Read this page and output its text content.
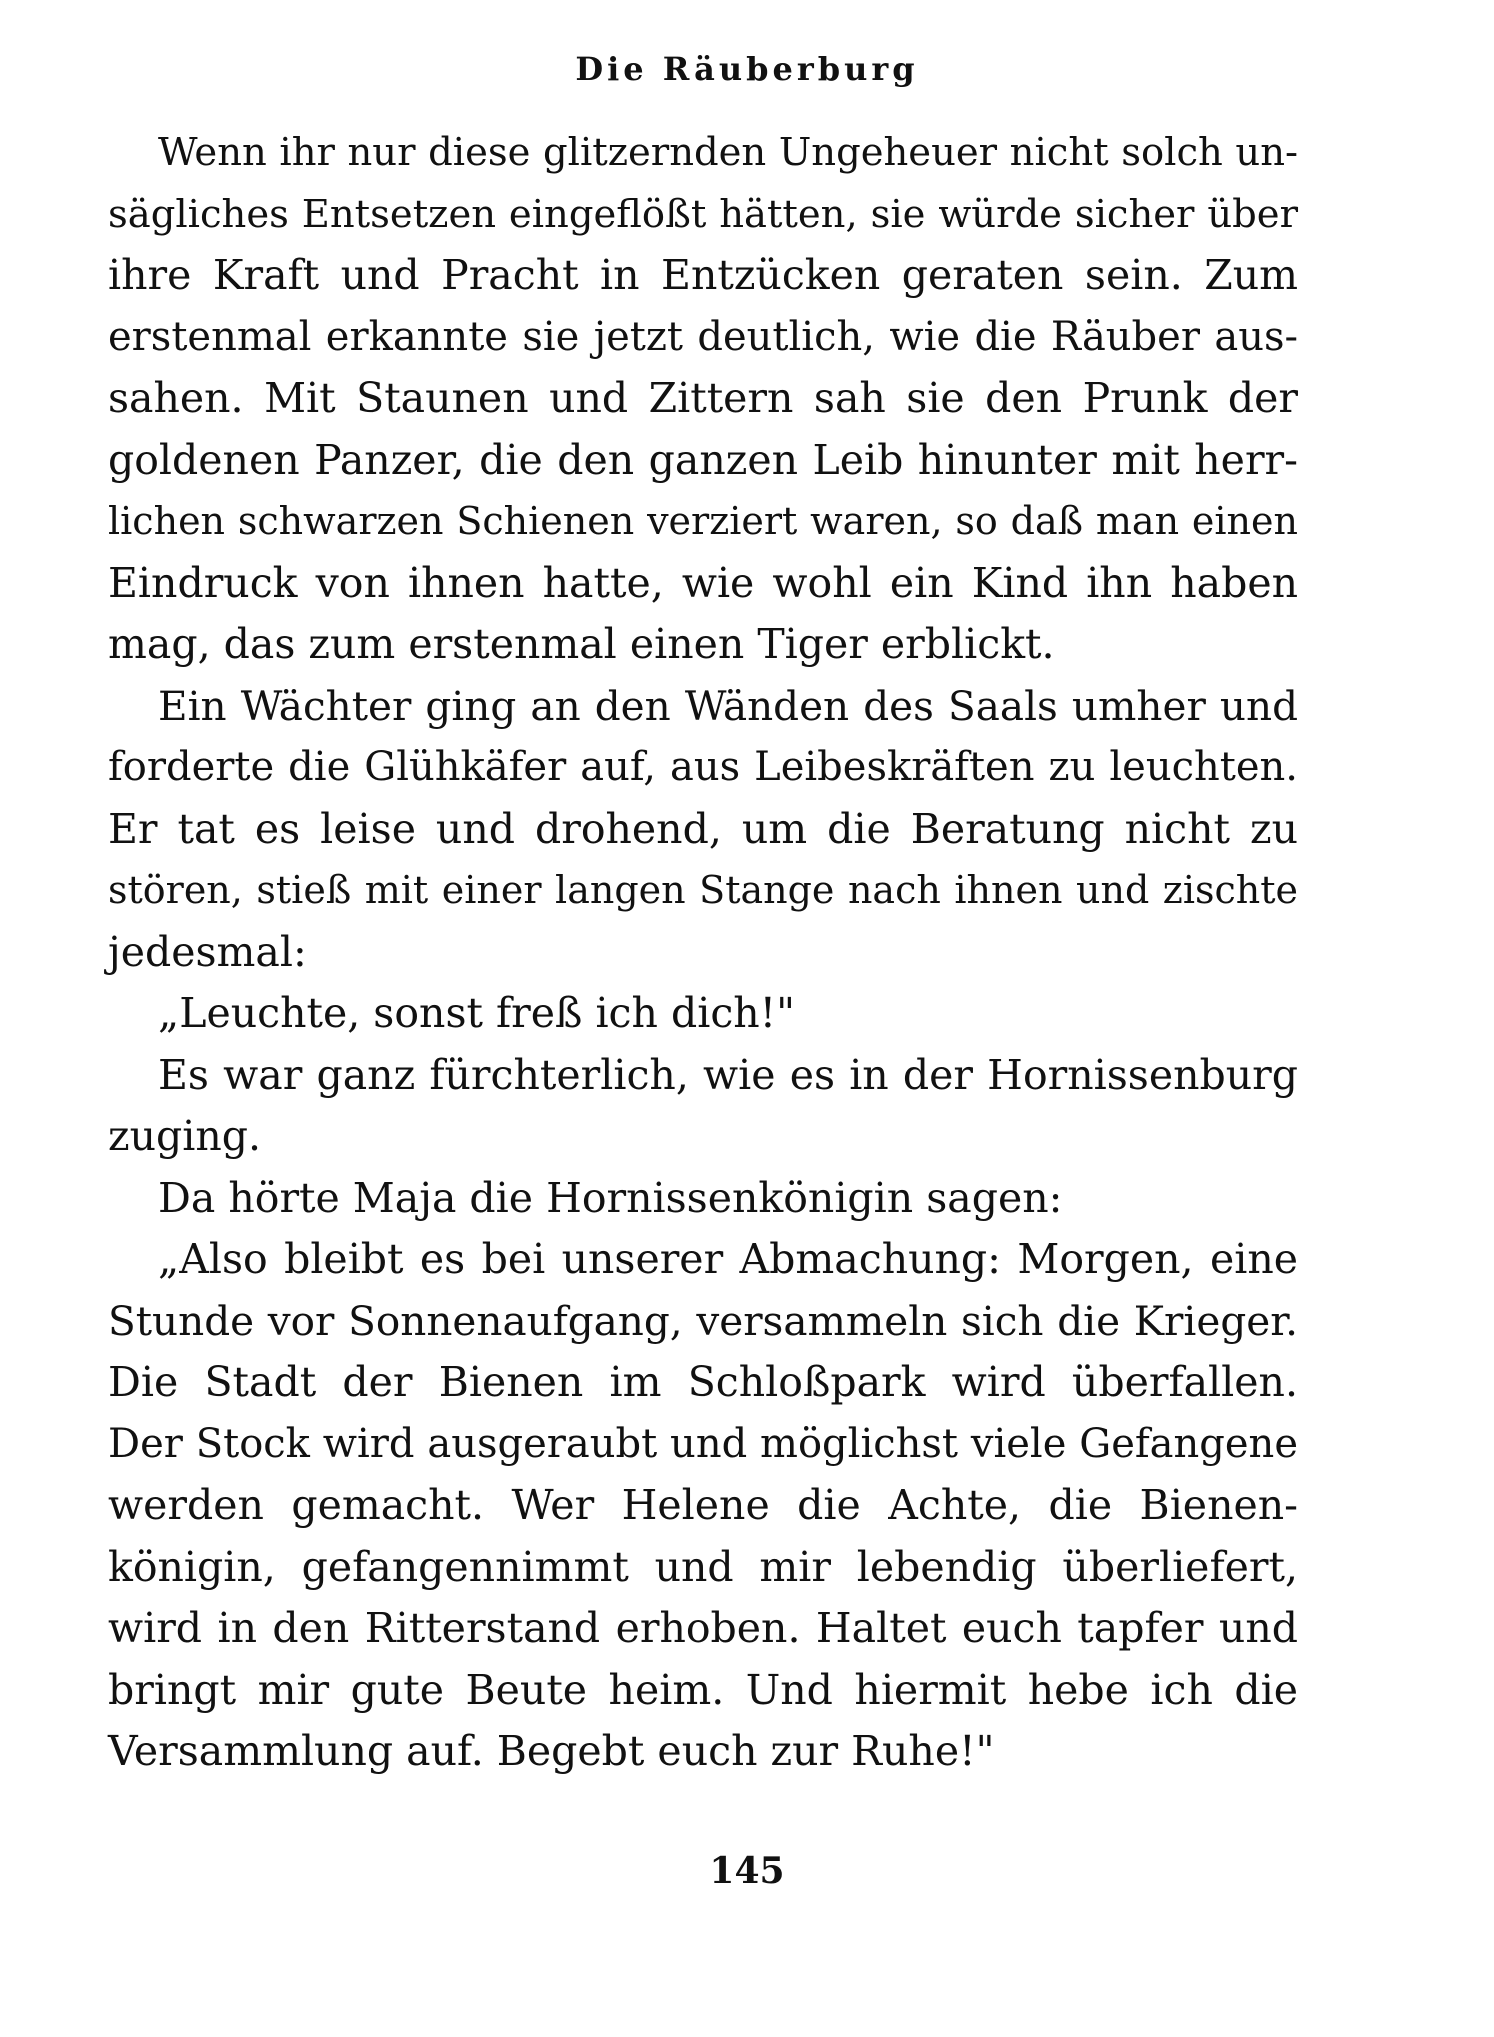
Die Räuberburg
Wenn ihr nur diese glitzernden Ungeheuer nicht solch un-
sägliches Entsetzen eingeflößt hätten, sie würde sicher über
ihre Kraft und Pracht in Entzücken geraten sein. Zum
erstenmal erkannte sie jetzt deutlich, wie die Räuber aus-
sahen. Mit Staunen und Zittern sah sie den Prunk der
goldenen Panzer, die den ganzen Leib hinunter mit herr-
lichen schwarzen Schienen verziert waren, so daß man einen
Eindruck von ihnen hatte, wie wohl ein Kind ihn haben
mag, das zum erstenmal einen Tiger erblickt.
Ein Wächter ging an den Wänden des Saals umher und
forderte die Glühkäfer auf, aus Leibeskräften zu leuchten.
Er tat es leise und drohend, um die Beratung nicht zu
stören, stieß mit einer langen Stange nach ihnen und zischte
jedesmal:
„Leuchte, sonst freß ich dich!"
Es war ganz fürchterlich, wie es in der Hornissenburg
zuging.
Da hörte Maja die Hornissenkönigin sagen:
„Also bleibt es bei unserer Abmachung: Morgen, eine
Stunde vor Sonnenaufgang, versammeln sich die Krieger.
Die Stadt der Bienen im Schloßpark wird überfallen.
Der Stock wird ausgeraubt und möglichst viele Gefangene
werden gemacht. Wer Helene die Achte, die Bienen-
königin, gefangennimmt und mir lebendig überliefert,
wird in den Ritterstand erhoben. Haltet euch tapfer und
bringt mir gute Beute heim. Und hiermit hebe ich die
Versammlung auf. Begebt euch zur Ruhe!"
145
